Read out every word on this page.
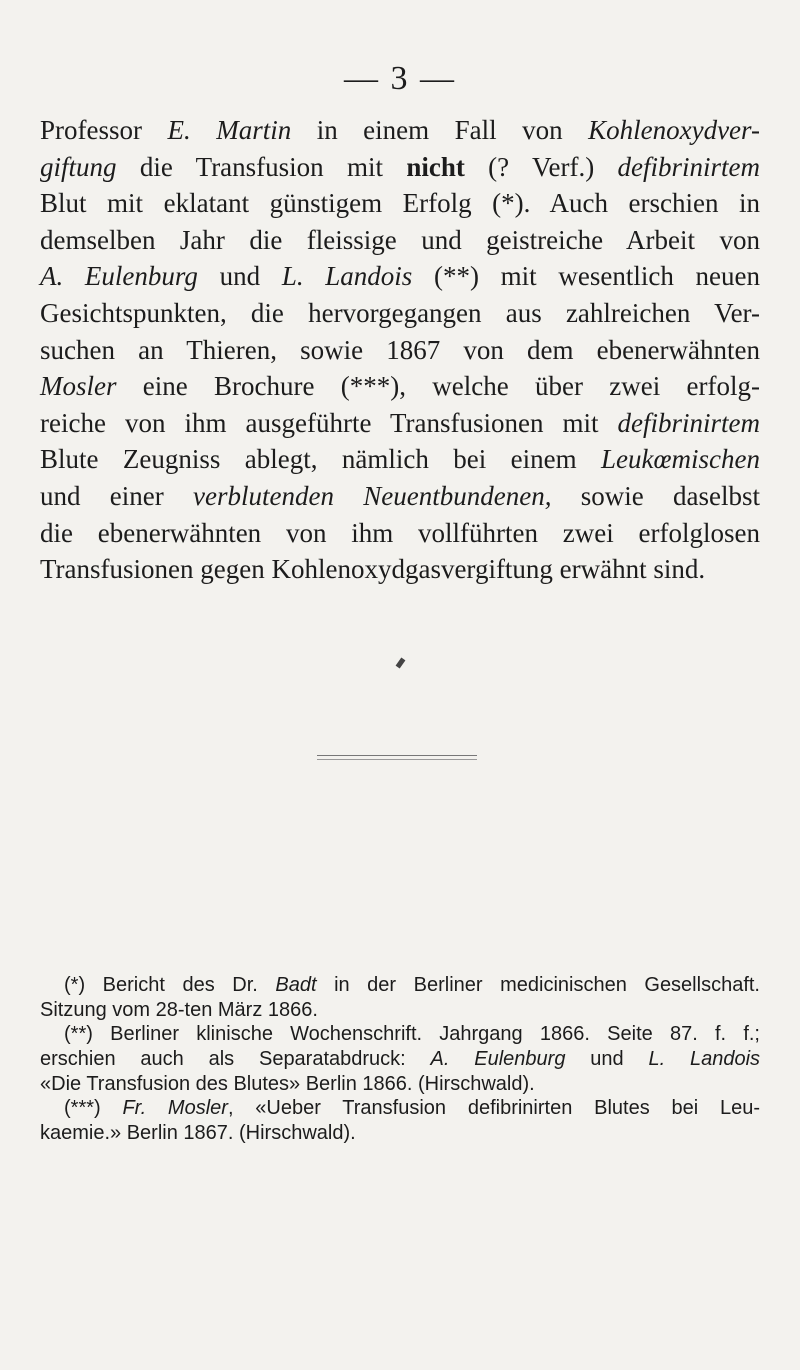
— 3 —
Professor E. Martin in einem Fall von Kohlenoxydver-
giftung die Transfusion mit nicht (? Verf.) defibrinirtem
Blut mit eklatant günstigem Erfolg (*). Auch erschien in
demselben Jahr die fleissige und geistreiche Arbeit von
A. Eulenburg und L. Landois (**) mit wesentlich neuen
Gesichtspunkten, die hervorgegangen aus zahlreichen Ver-
suchen an Thieren, sowie 1867 von dem ebenerwähnten
Mosler eine Brochure (***), welche über zwei erfolg-
reiche von ihm ausgeführte Transfusionen mit defibrinirtem
Blute Zeugniss ablegt, nämlich bei einem Leukœmischen
und einer verblutenden Neuentbundenen, sowie daselbst
die ebenerwähnten von ihm vollführten zwei erfolglosen
Transfusionen gegen Kohlenoxydgasvergiftung erwähnt sind.
(*) Bericht des Dr. Badt in der Berliner medicinischen Gesellschaft.
Sitzung vom 28-ten März 1866.
(**) Berliner klinische Wochenschrift. Jahrgang 1866. Seite 87. f. f.;
erschien auch als Separatabdruck: A. Eulenburg und L. Landois
«Die Transfusion des Blutes» Berlin 1866. (Hirschwald).
(***) Fr. Mosler, «Ueber Transfusion defibrinirten Blutes bei Leu-
kaemie.» Berlin 1867. (Hirschwald).
